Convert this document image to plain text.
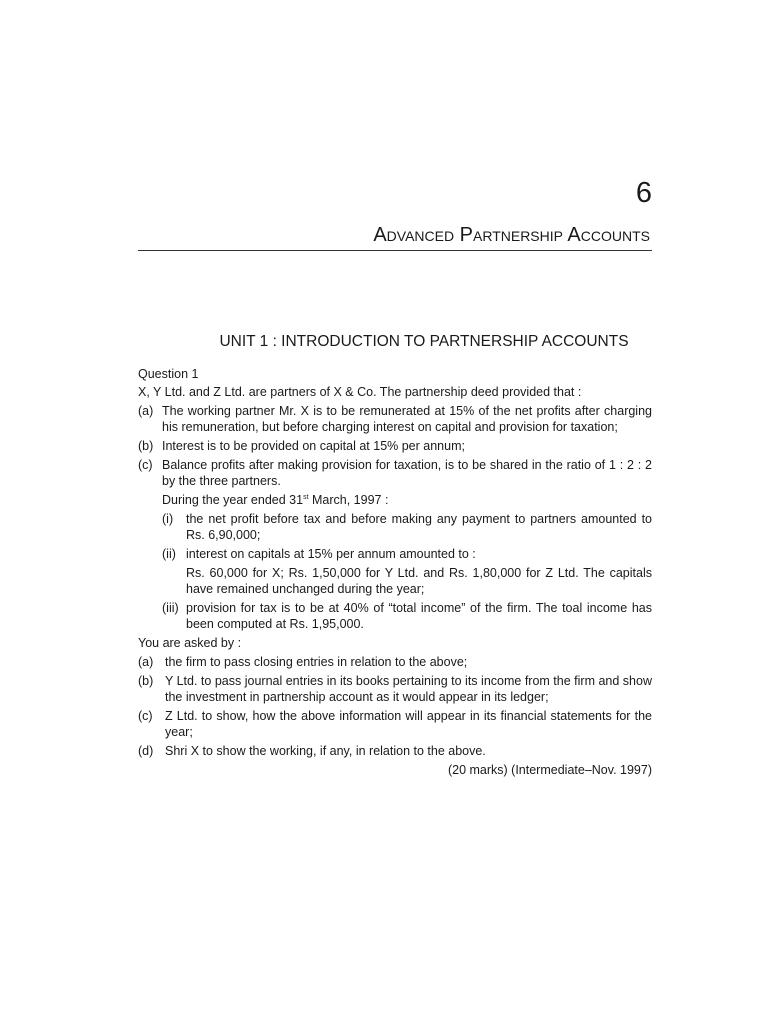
6
Advanced Partnership Accounts
UNIT 1 : INTRODUCTION TO PARTNERSHIP ACCOUNTS

Question 1

X, Y Ltd. and Z Ltd. are partners of X & Co. The partnership deed provided that :

(a) The working partner Mr. X is to be remunerated at 15% of the net profits after charging his remuneration, but before charging interest on capital and provision for taxation;
(b) Interest is to be provided on capital at 15% per annum;
(c) Balance profits after making provision for taxation, is to be shared in the ratio of 1 : 2 : 2 by the three partners.

During the year ended 31st March, 1997 :

(i)	the net profit before tax and before making any payment to partners amounted to Rs. 6,90,000;
(ii) interest on capitals at 15% per annum amounted to :

Rs. 60,000 for X; Rs. 1,50,000 for Y Ltd. and Rs. 1,80,000 for Z Ltd. The capitals have remained unchanged during the year;

(iii) provision for tax is to be at 40% of “total income” of the firm. The toal income has been computed at Rs. 1,95,000.

You are asked by :

(a) the firm to pass closing entries in relation to the above;
(b) Y Ltd. to pass journal entries in its books pertaining to its income from the firm and show the investment in partnership account as it would appear in its ledger;
(c) Z Ltd. to show, how the above information will appear in its financial statements for the year;
(d) Shri X to show the working, if any, in relation to the above.

(20 marks) (Intermediate–Nov. 1997)
